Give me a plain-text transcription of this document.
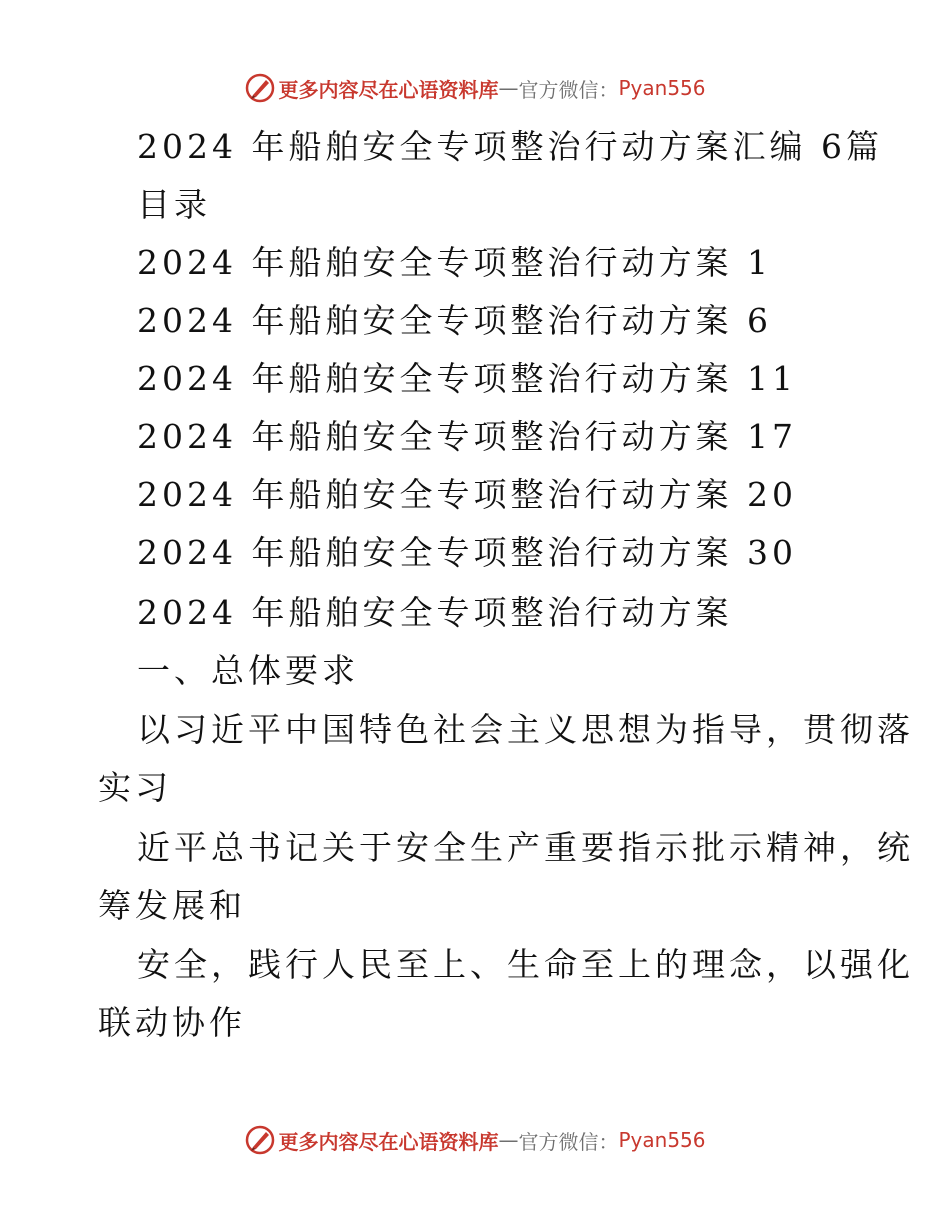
更多内容尽在心语资料库 — 官方微信： Pyan556
2024 年船舶安全专项整治行动方案汇编 6篇
目录
2024 年船舶安全专项整治行动方案 1
2024 年船舶安全专项整治行动方案 6
2024 年船舶安全专项整治行动方案 11
2024 年船舶安全专项整治行动方案 17
2024 年船舶安全专项整治行动方案 20
2024 年船舶安全专项整治行动方案 30
2024 年船舶安全专项整治行动方案
一、总体要求
以习近平中国特色社会主义思想为指导，贯彻落
实习
近平总书记关于安全生产重要指示批示精神，统
筹发展和
安全，践行人民至上、生命至上的理念，以强化
联动协作
更多内容尽在心语资料库 — 官方微信： Pyan556
